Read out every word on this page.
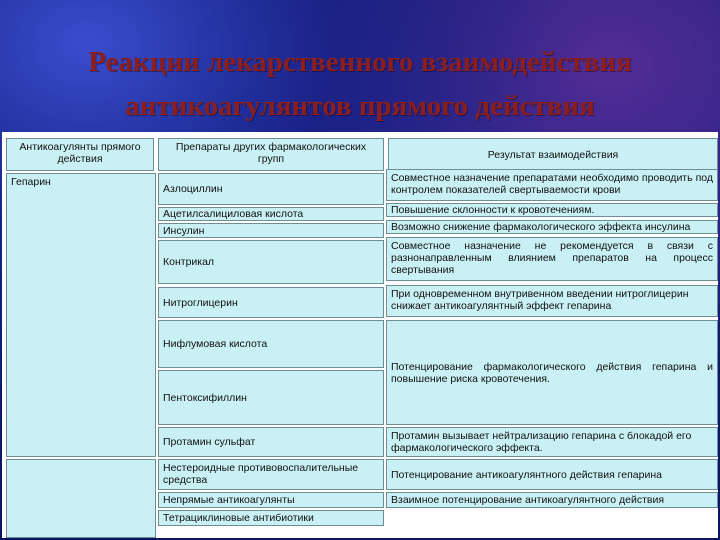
Реакции лекарственного взаимодействия
антикоагулянтов прямого действия
Антикоагулянты прямого действия
Препараты других фармакологических групп	Результат взаимодействия
Гепарин
Азлоциллин
Ацетилсалициловая кислота
Инсулин
Контрикал
Нитроглицерин
Нифлумовая кислота
Пентоксифиллин
Протамин сульфат
Нестероидные противовоспалительные средства
Непрямые антикоагулянты
Тетрациклиновые антибиотики
Совместное назначение препаратами необходимо проводить под контролем показателей свертываемости крови
Повышение склонности к кровотечениям.
Возможно снижение фармакологического эффекта инсулина
Совместное назначение не рекомендуется в связи с разнонаправленным влиянием препаратов на процесс свертывания
При одновременном внутривенном введении нитроглицерин снижает антикоагулянтный эффект гепарина
Потенцирование фармакологического действия гепарина и повышение риска кровотечения.
Протамин вызывает нейтрализацию гепарина с блокадой его фармакологического эффекта.
Потенцирование антикоагулянтного действия гепарина
Взаимное потенцирование антикоагулянтного действия
